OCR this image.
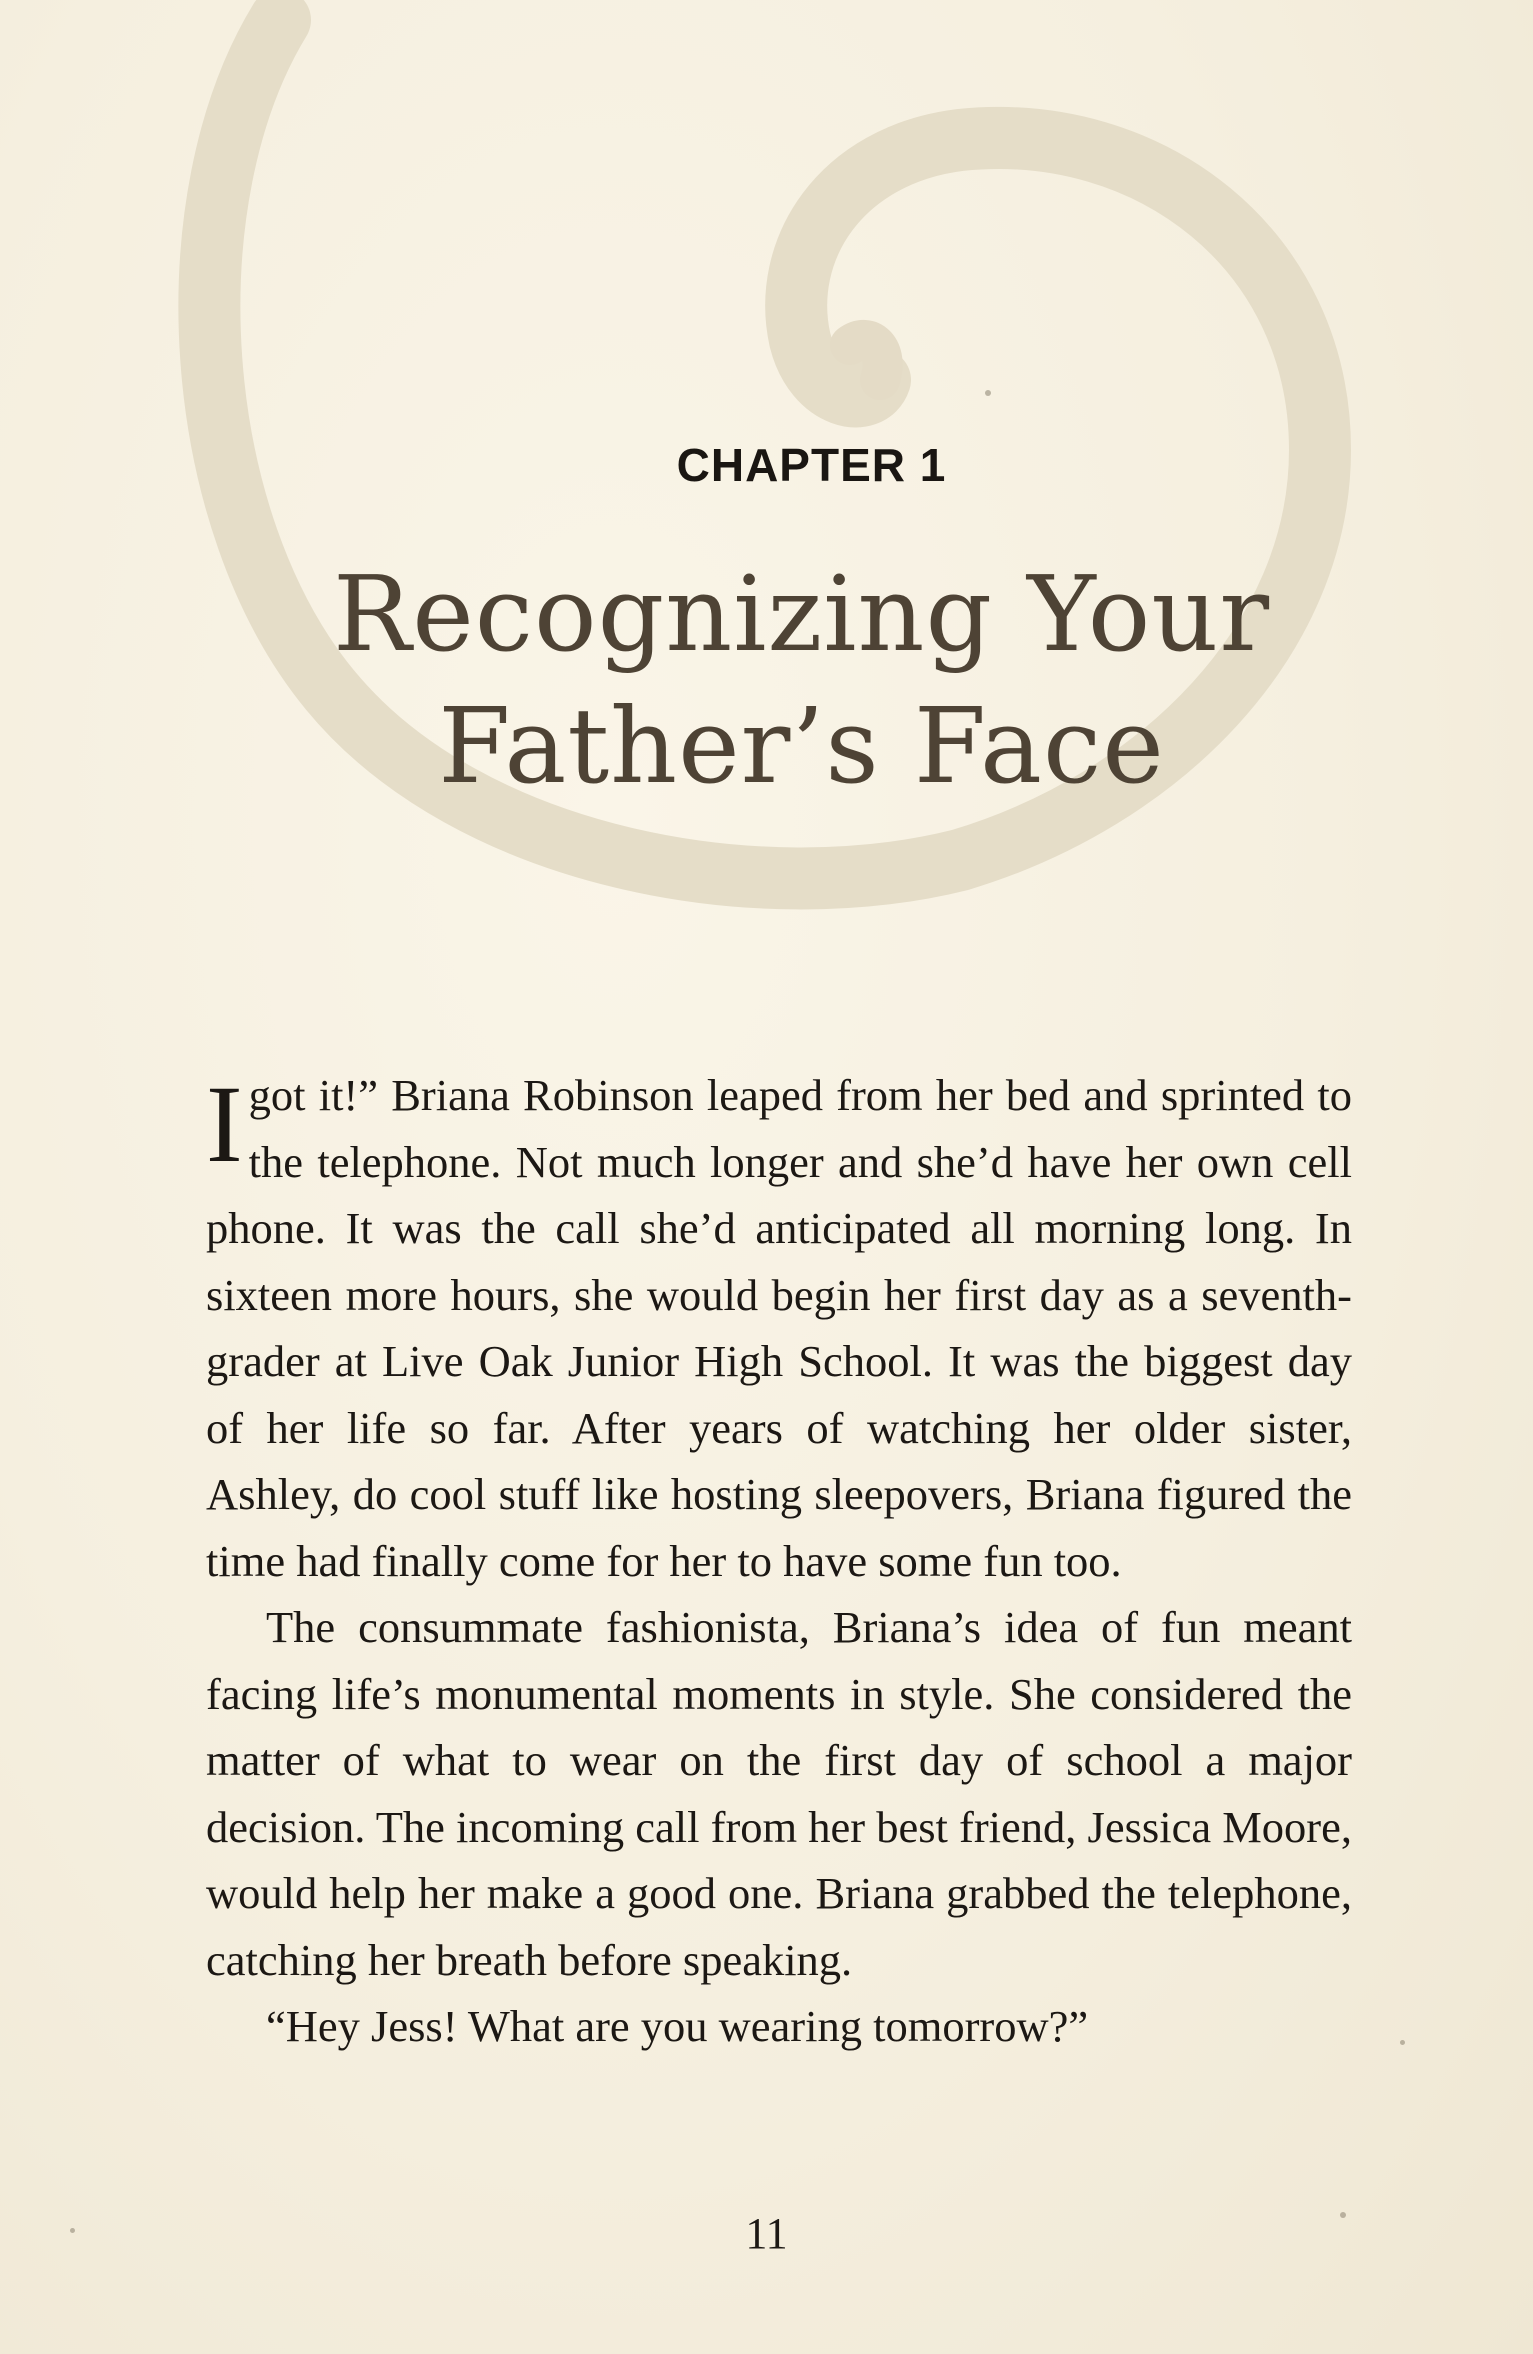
CHAPTER 1
Recognizing Your
Father’s Face

Igot it!” Briana Robinson leaped from her bed and sprinted to the telephone. Not much longer and she’d have her own cell phone. It was the call she’d anticipated all morning long. In sixteen more hours, she would begin her first day as a seventh-grader at Live Oak Junior High School. It was the biggest day of her life so far. After years of watching her older sister, Ashley, do cool stuff like hosting sleepovers, Briana figured the time had finally come for her to have some fun too.

The consummate fashionista, Briana’s idea of fun meant facing life’s monumental moments in style. She considered the matter of what to wear on the first day of school a major decision. The incoming call from her best friend, Jessica Moore, would help her make a good one. Briana grabbed the telephone, catching her breath before speaking.

“Hey Jess! What are you wearing tomorrow?”

11
